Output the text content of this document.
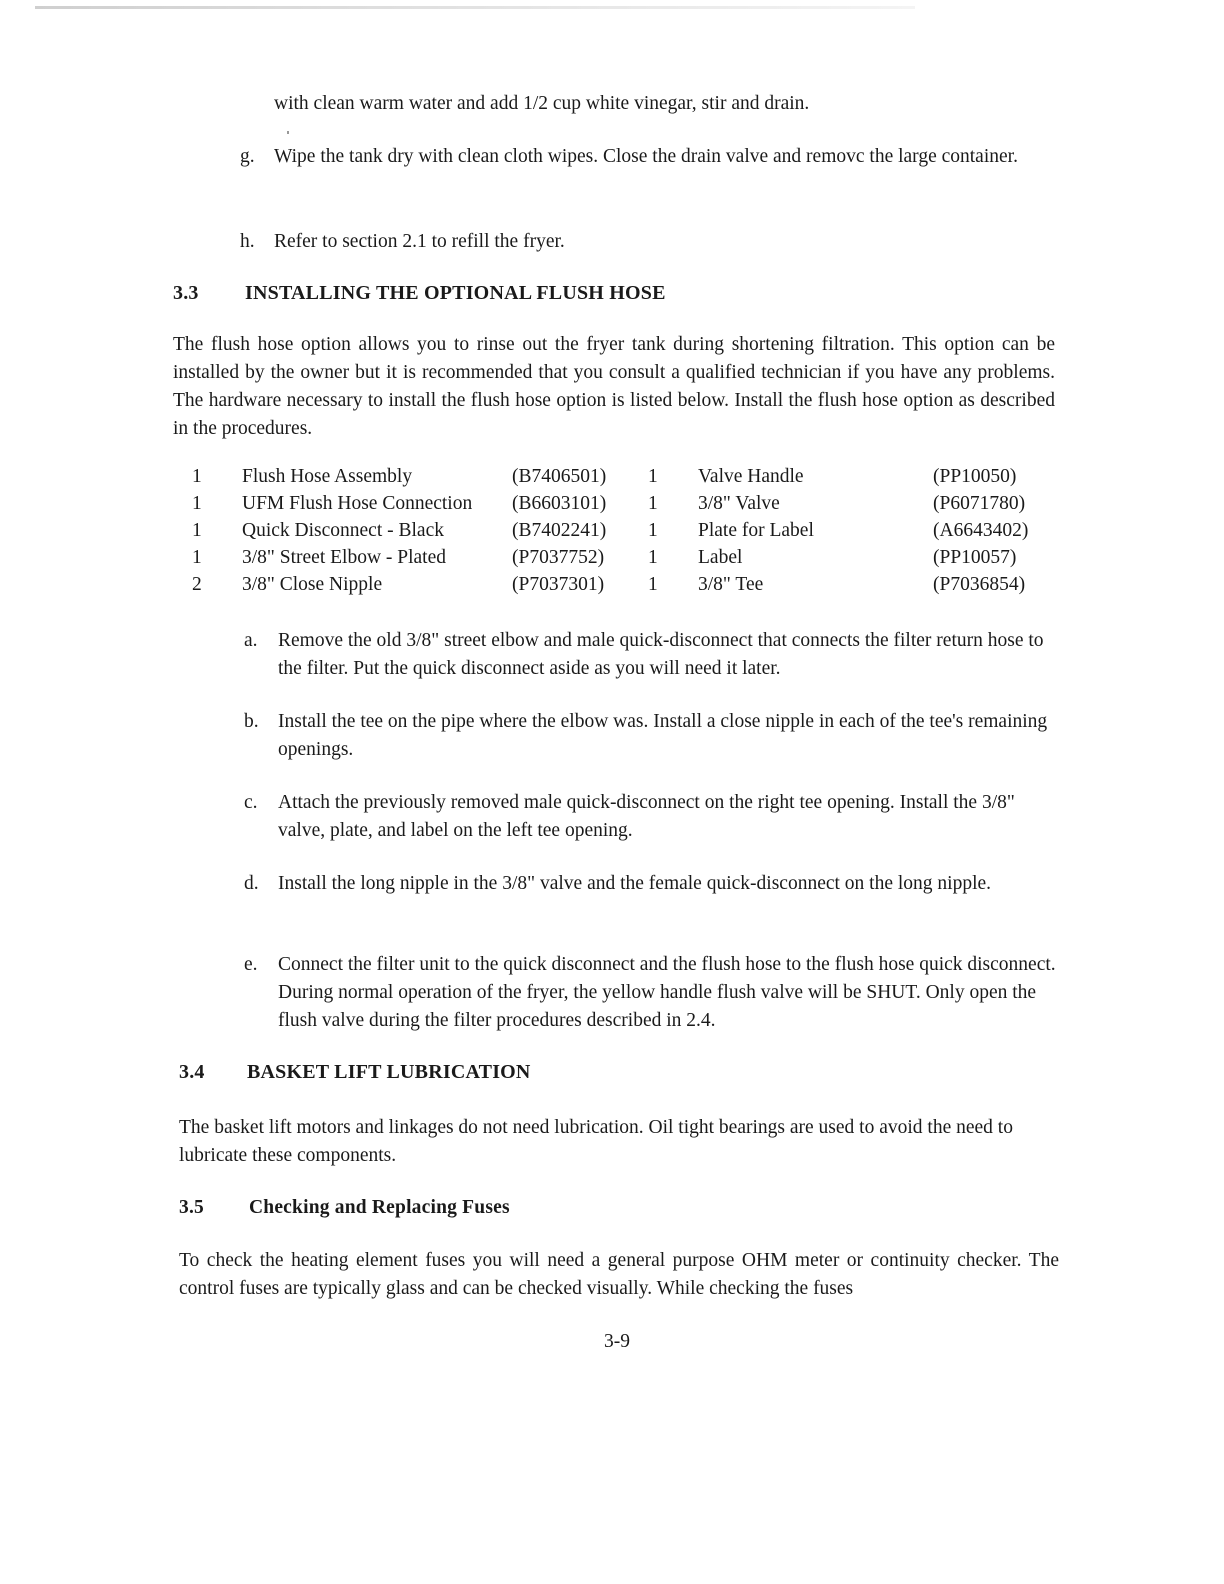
with clean warm water and add 1/2 cup white vinegar, stir and drain.
g. Wipe the tank dry with clean cloth wipes. Close the drain valve and removc the large container.
h. Refer to section 2.1 to refill the fryer.
3.3 INSTALLING THE OPTIONAL FLUSH HOSE
The flush hose option allows you to rinse out the fryer tank during shortening filtration. This option can be installed by the owner but it is recommended that you consult a qualified technician if you have any problems. The hardware necessary to install the flush hose option is listed below. Install the flush hose option as described in the procedures.
1 Flush Hose Assembly	(B7406501) 1 Valve Handle	(PP10050)
1 UFM Flush Hose Connection (B6603101) 1 3/8" Valve	(P6071780)
1 Quick Disconnect - Black	(B7402241) 1 Plate for Label	(A6643402)
1 3/8" Street Elbow - Plated	(P7037752) 1 Label	(PP10057)
2 3/8" Close Nipple	(P7037301) 1 3/8" Tee	(P7036854)
a.	Remove the old 3/8" street elbow and male quick-disconnect that connects the filter return hose to the filter. Put the quick disconnect aside as you will need it later.
b. Install the tee on the pipe where the elbow was. Install a close nipple in each of the tee's remaining openings.
c.	Attach the previously removed male quick-disconnect on the right tee opening. Install the 3/8" valve, plate, and label on the left tee opening.
d. Install the long nipple in the 3/8" valve and the female quick-disconnect on the long nipple.
e.	Connect the filter unit to the quick disconnect and the flush hose to the flush hose quick disconnect. During normal operation of the fryer, the yellow handle flush valve will be SHUT. Only open the flush valve during the filter procedures described in 2.4.
3.4 BASKET LIFT LUBRICATION
The basket lift motors and linkages do not need lubrication. Oil tight bearings are used to avoid the need to lubricate these components.
3.5 Checking and Replacing Fuses
To check the heating element fuses you will need a general purpose OHM meter or continuity checker. The control fuses are typically glass and can be checked visually. While checking the fuses
3-9
